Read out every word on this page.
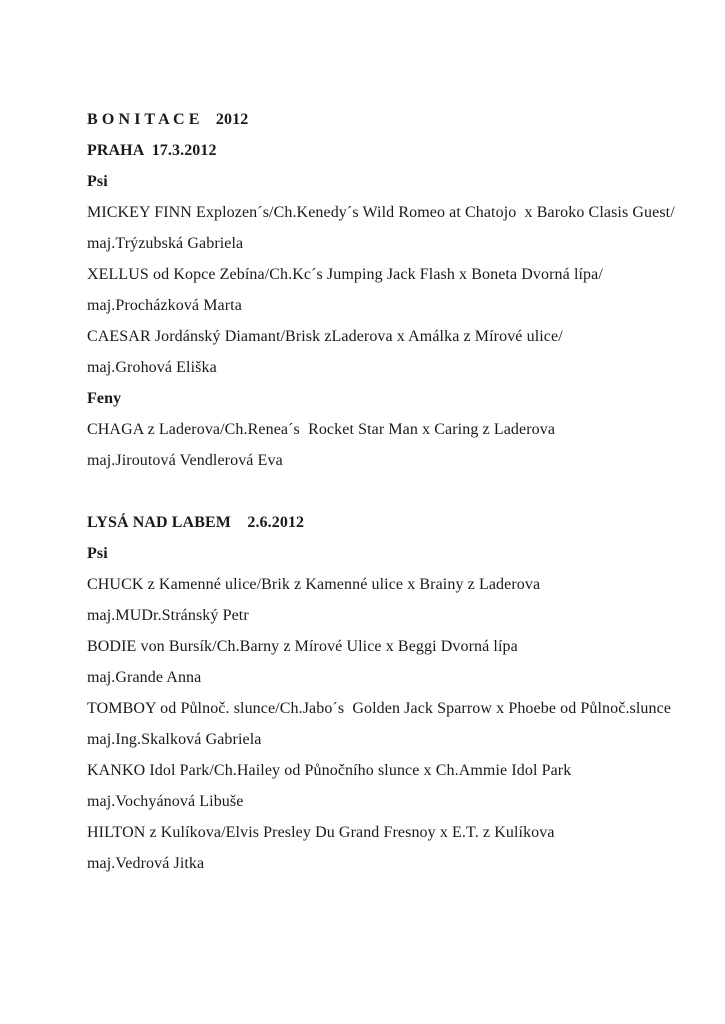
B O N I T A C E    2012

PRAHA  17.3.2012

Psi

MICKEY FINN Explozen´s/Ch.Kenedy´s Wild Romeo at Chatojo  x Baroko Clasis Guest/

maj.Trýzubská Gabriela

XELLUS od Kopce Zebína/Ch.Kc´s Jumping Jack Flash x Boneta Dvorná lípa/

maj.Procházková Marta

CAESAR Jordánský Diamant/Brisk zLaderova x Amálka z Mírové ulice/

maj.Grohová Eliška

Feny

CHAGA z Laderova/Ch.Renea´s  Rocket Star Man x Caring z Laderova

maj.Jiroutová Vendlerová Eva

LYSÁ NAD LABEM    2.6.2012

Psi

CHUCK z Kamenné ulice/Brik z Kamenné ulice x Brainy z Laderova

maj.MUDr.Stránský Petr

BODIE von Bursík/Ch.Barny z Mírové Ulice x Beggi Dvorná lípa

maj.Grande Anna

TOMBOY od Půlnoč. slunce/Ch.Jabo´s  Golden Jack Sparrow x Phoebe od Půlnoč.slunce

maj.Ing.Skalková Gabriela

KANKO Idol Park/Ch.Hailey od Půnočního slunce x Ch.Ammie Idol Park

maj.Vochyánová Libuše

HILTON z Kulíkova/Elvis Presley Du Grand Fresnoy x E.T. z Kulíkova

maj.Vedrová Jitka
